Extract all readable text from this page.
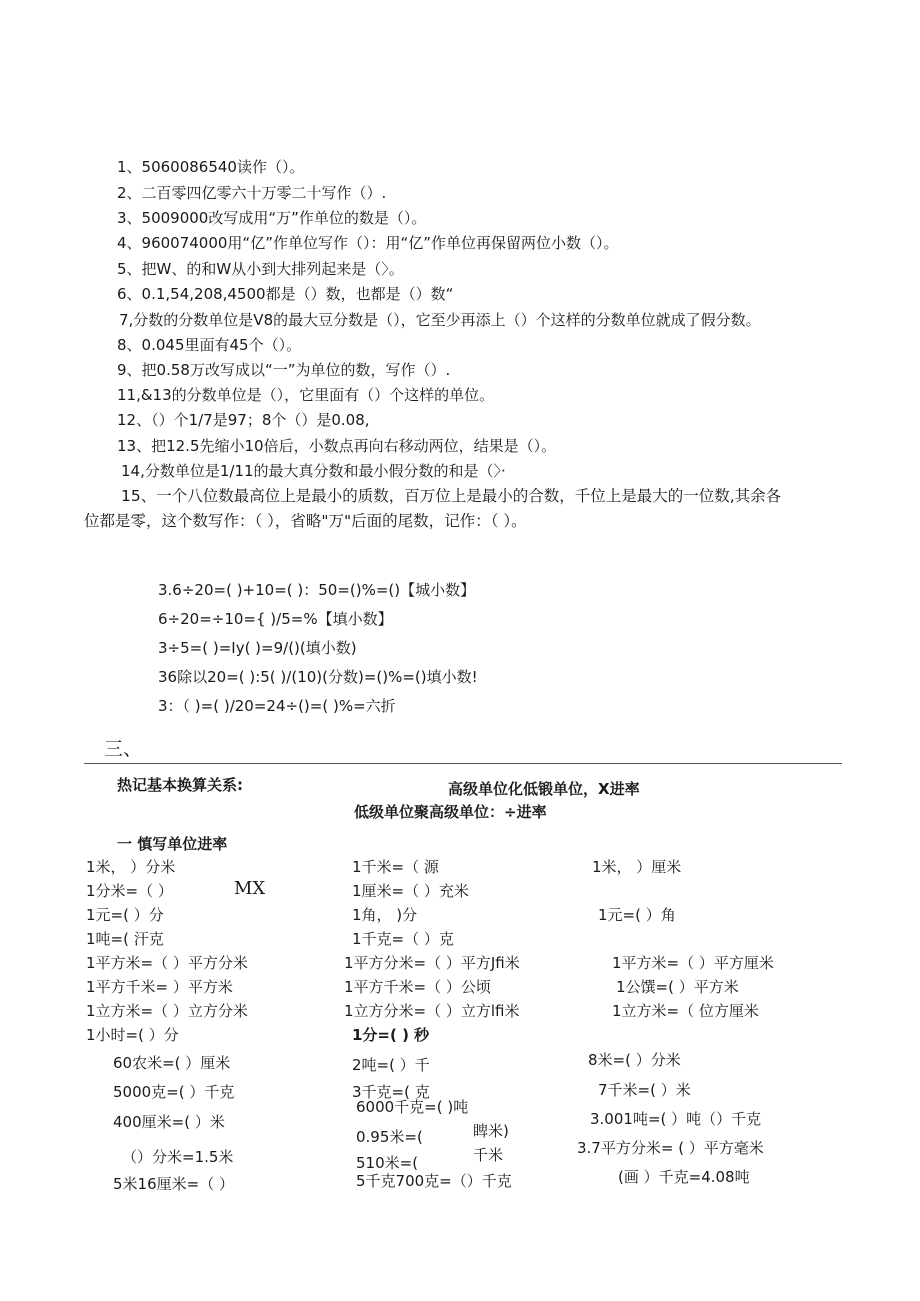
1、5060086540读作（）。
2、二百零四亿零六十万零二十写作（）.
3、5009000改写成用“万”作单位的数是（）。
4、960074000用“亿”作单位写作（）：用“亿”作单位再保留两位小数（）。
5、把W、的和W从小到大排列起来是（〉。
6、0.1,54,208,4500都是（）数，也都是（）数“
7,分数的分数单位是V8的最大豆分数是（），它至少再添上（）个这样的分数单位就成了假分数。
8、0.045里面有45个（）。
9、把0.58万改写成以“一”为单位的数，写作（）.
11,&13的分数单位是（），它里面有（）个这样的单位。
12、（）个1/7是97；8个（）是0.08,
13、把12.5先缩小10倍后，小数点再向右移动两位，结果是（）。
14,分数单位是1/11的最大真分数和最小假分数的和是（〉·
15、一个八位数最高位上是最小的质数，百万位上是最小的合数，千位上是最大的一位数,其余各
位都是零，这个数写作：（ ），省略"万"后面的尾数，记作：（ ）。
3.6÷20=( )+10=( )：50=()%=()【城小数】
6÷20=÷10={ )/5=%【填小数】
3÷5=( )=Iy( )=9/()(填小数)
36除以20=( ):5( )/(10)(分数)=()%=()填小数!
3：（ )=( )/20=24÷()=( )%=六折
三、
热记基本换算关系:	高级单位化低锻单位，X进率
低级单位聚高级单位：÷进率
一 慎写单位进率
1米， ）分米
1分米=（ ）	MX
1元=( ）分
1吨=( 汗克
1平方米=（ ）平方分米
1平方千米= ）平方米
1立方米=（ ）立方分米
1小时=( ）分
1千米=（ 源
1厘米=（ ）充米
1角， )分
1千克=（ ）克
1平方分米=（ ）平方Jfi米
1平方千米=（ ）公顷
1立方分米=（ ）立方lfi米
1分=( ) 秒
1米， ）厘米
1元=( ）角
1平方米=（ ）平方厘米
1公馔=( ）平方米
1立方米=（ 位方厘米
60农米=( ）厘米
5000克=( ）千克
400厘米=( ）米
（）分米=1.5米
5米16厘米=（ ）
2吨=( ）千
3千克=( 克
6000千克=( )吨
0.95米=(
510米=(
5千克700克=（）千克
睥米)
千米
8米=( ）分米
7千米=( ）米
3.001吨=( ）吨（）千克
3.7平方分米= ( ）平方毫米
(画 ）千克=4.08吨
